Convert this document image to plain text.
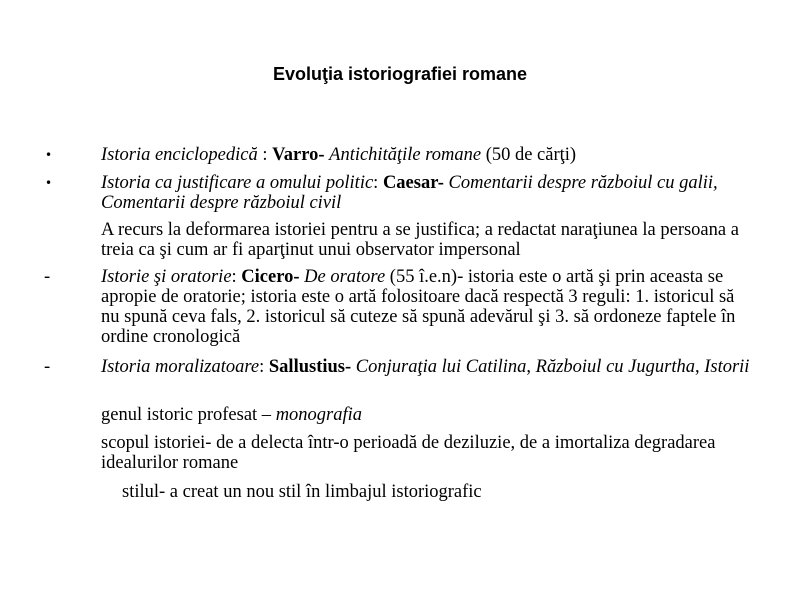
Evoluţia istoriografiei romane
•	Istoria enciclopedică : Varro- Antichităţile romane (50 de cărţi)
•	Istoria ca justificare a omului politic: Caesar- Comentarii despre războiul cu galii, Comentarii despre războiul civil
A recurs la deformarea istoriei pentru a se justifica; a redactat naraţiunea la persoana a treia ca şi cum ar fi aparţinut unui observator impersonal
-	Istorie şi oratorie: Cicero- De oratore (55 î.e.n)- istoria este o artă şi prin aceasta se apropie de oratorie; istoria este o artă folositoare dacă respectă 3 reguli: 1. istoricul să nu spună ceva fals, 2. istoricul să cuteze să spună adevărul şi 3. să ordoneze faptele în ordine cronologică
-	Istoria moralizatoare: Sallustius- Conjuraţia lui Catilina, Războiul cu Jugurtha, Istorii
genul istoric profesat – monografia
scopul istoriei- de a delecta într-o perioadă de deziluzie, de a imortaliza degradarea idealurilor romane
stilul- a creat un nou stil în limbajul istoriografic
